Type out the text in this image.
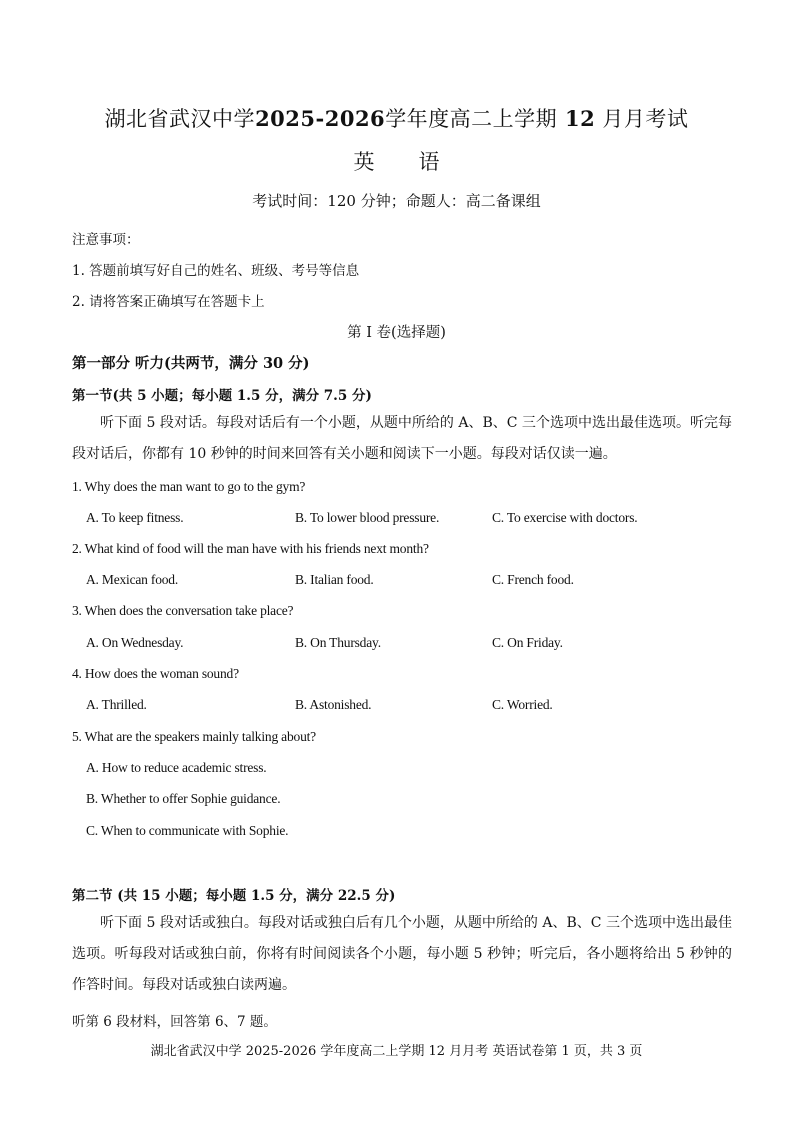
湖北省武汉中学2025-2026学年度高二上学期 12 月月考试
英 语
考试时间：120 分钟；命题人：高二备课组
注意事项：
1. 答题前填写好自己的姓名、班级、考号等信息
2. 请将答案正确填写在答题卡上
第 I 卷(选择题)
第一部分 听力(共两节，满分 30 分)
第一节(共 5 小题；每小题 1.5 分，满分 7.5 分)
听下面 5 段对话。每段对话后有一个小题，从题中所给的 A、B、C 三个选项中选出最佳选项。听完每段对话后，你都有 10 秒钟的时间来回答有关小题和阅读下一小题。每段对话仅读一遍。
1. Why does the man want to go to the gym?
A. To keep fitness.	B. To lower blood pressure.	C. To exercise with doctors.
2. What kind of food will the man have with his friends next month?
A. Mexican food.	B. Italian food.	C. French food.
3. When does the conversation take place?
A. On Wednesday.	B. On Thursday.	C. On Friday.
4. How does the woman sound?
A. Thrilled.	B. Astonished.	C. Worried.
5. What are the speakers mainly talking about?
A. How to reduce academic stress.
B. Whether to offer Sophie guidance.
C. When to communicate with Sophie.
第二节 (共 15 小题；每小题 1.5 分，满分 22.5 分)
听下面 5 段对话或独白。每段对话或独白后有几个小题，从题中所给的 A、B、C 三个选项中选出最佳选项。听每段对话或独白前，你将有时间阅读各个小题，每小题 5 秒钟；听完后，各小题将给出 5 秒钟的作答时间。每段对话或独白读两遍。
听第 6 段材料，回答第 6、7 题。
湖北省武汉中学 2025-2026 学年度高二上学期 12 月月考 英语试卷第 1 页，共 3 页
